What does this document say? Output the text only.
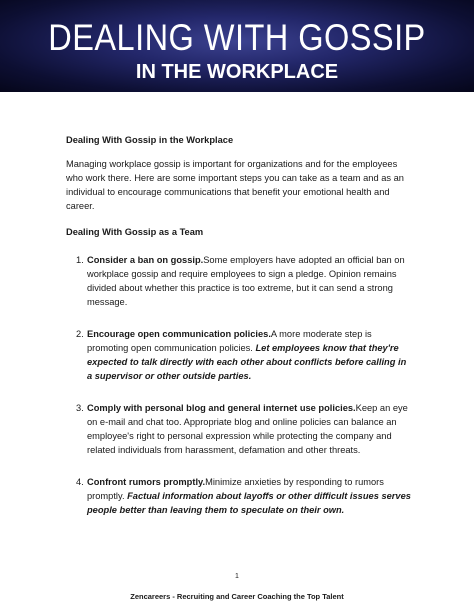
DEALING WITH GOSSIP
IN THE WORKPLACE

Dealing With Gossip in the Workplace

Managing workplace gossip is important for organizations and for the employees who work there. Here are some important steps you can take as a team and as an individual to encourage communications that benefit your emotional health and career.

Dealing With Gossip as a Team

1. Consider a ban on gossip.Some employers have adopted an official ban on workplace gossip and require employees to sign a pledge. Opinion remains divided about whether this practice is too extreme, but it can send a strong message.
2. Encourage open communication policies.A more moderate step is promoting open communication policies. Let employees know that they're expected to talk directly with each other about conflicts before calling in a supervisor or other outside parties.
3. Comply with personal blog and general internet use policies.Keep an eye on e-mail and chat too. Appropriate blog and online policies can balance an employee's right to personal expression while protecting the company and related individuals from harassment, defamation and other threats.
4. Confront rumors promptly.Minimize anxieties by responding to rumors promptly. Factual information about layoffs or other difficult issues serves people better than leaving them to speculate on their own.
1
Zencareers - Recruiting and Career Coaching the Top Talent
